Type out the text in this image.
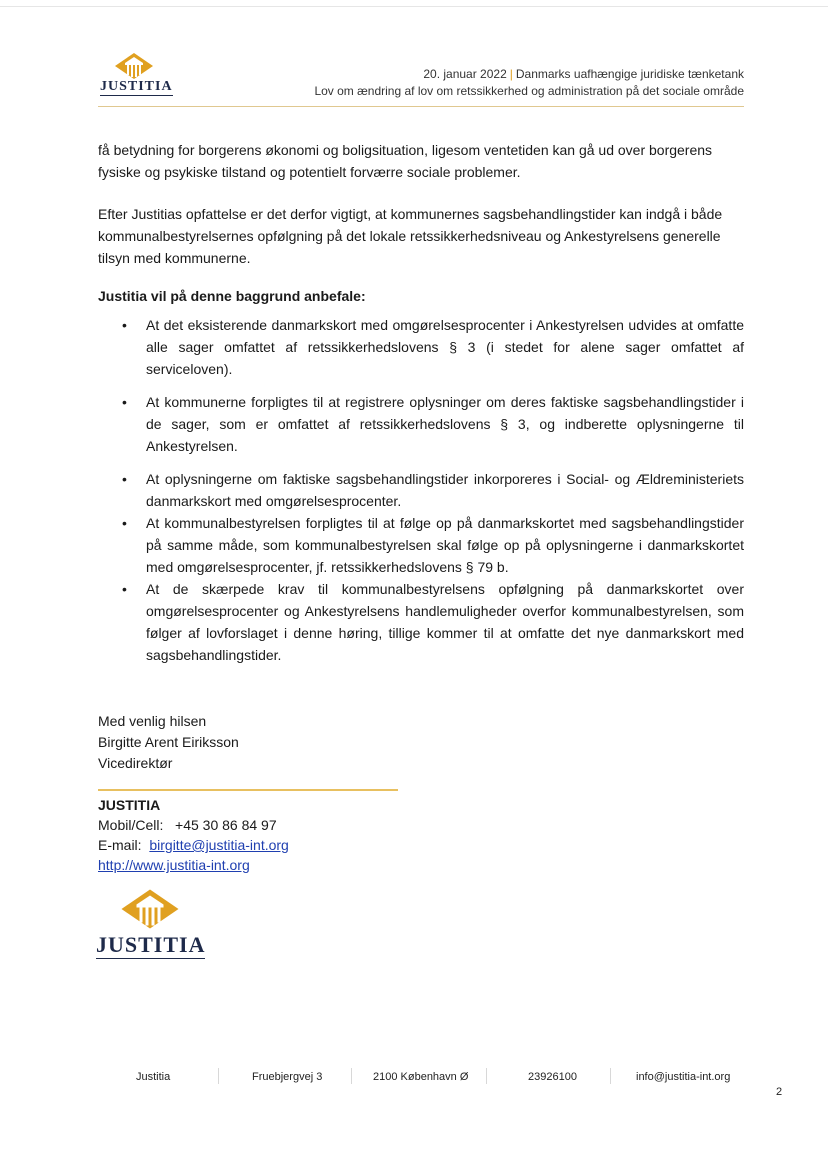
JUSTITIA
20. januar 2022 | Danmarks uafhængige juridiske tænketank
Lov om ændring af lov om retssikkerhed og administration på det sociale område
få betydning for borgerens økonomi og boligsituation, ligesom ventetiden kan gå ud over borgerens fysiske og psykiske tilstand og potentielt forværre sociale problemer.
Efter Justitias opfattelse er det derfor vigtigt, at kommunernes sagsbehandlingstider kan indgå i både kommunalbestyrelsernes opfølgning på det lokale retssikkerhedsniveau og Ankestyrelsens generelle tilsyn med kommunerne.
Justitia vil på denne baggrund anbefale:
• At det eksisterende danmarkskort med omgørelsesprocenter i Ankestyrelsen udvides at omfatte alle sager omfattet af retssikkerhedslovens § 3 (i stedet for alene sager omfattet af serviceloven).
• At kommunerne forpligtes til at registrere oplysninger om deres faktiske sagsbehandlingstider i de sager, som er omfattet af retssikkerhedslovens § 3, og indberette oplysningerne til Ankestyrelsen.
• At oplysningerne om faktiske sagsbehandlingstider inkorporeres i Social- og Ældreministeriets danmarkskort med omgørelsesprocenter.
• At kommunalbestyrelsen forpligtes til at følge op på danmarkskortet med sagsbehandlingstider på samme måde, som kommunalbestyrelsen skal følge op på oplysningerne i danmarkskortet med omgørelsesprocenter, jf. retssikkerhedslovens § 79 b.
• At de skærpede krav til kommunalbestyrelsens opfølgning på danmarkskortet over omgørelsesprocenter og Ankestyrelsens handlemuligheder overfor kommunalbestyrelsen, som følger af lovforslaget i denne høring, tillige kommer til at omfatte det nye danmarkskort med sagsbehandlingstider.
Med venlig hilsen
Birgitte Arent Eiriksson
Vicedirektør
JUSTITIA
Mobil/Cell: +45 30 86 84 97
E-mail: birgitte@justitia-int.org
http://www.justitia-int.org
JUSTITIA
Justitia	Fruebjergvej 3	2100 København Ø	23926100	info@justitia-int.org
2
